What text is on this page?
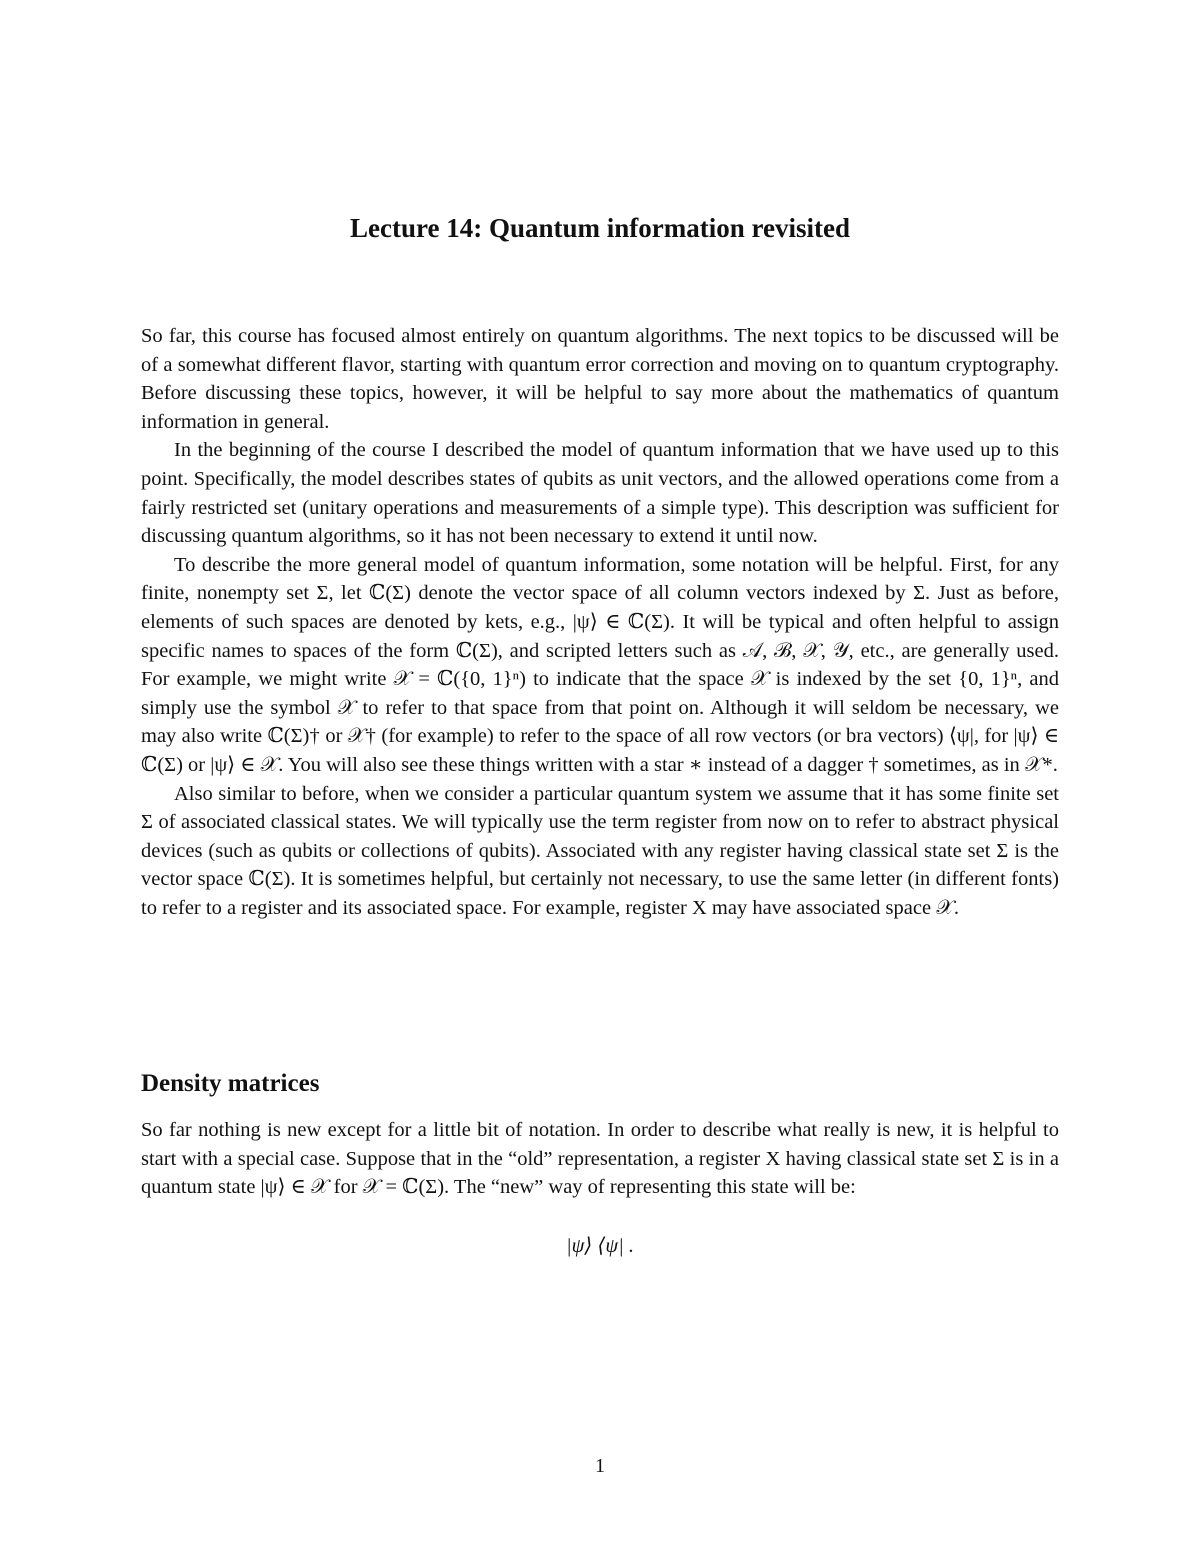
Lecture 14: Quantum information revisited

So far, this course has focused almost entirely on quantum algorithms. The next topics to be discussed will be of a somewhat different flavor, starting with quantum error correction and moving on to quantum cryptography. Before discussing these topics, however, it will be helpful to say more about the mathematics of quantum information in general.

In the beginning of the course I described the model of quantum information that we have used up to this point. Specifically, the model describes states of qubits as unit vectors, and the allowed operations come from a fairly restricted set (unitary operations and measurements of a simple type). This description was sufficient for discussing quantum algorithms, so it has not been necessary to extend it until now.

To describe the more general model of quantum information, some notation will be helpful. First, for any finite, nonempty set Σ, let ℂ(Σ) denote the vector space of all column vectors indexed by Σ. Just as before, elements of such spaces are denoted by kets, e.g., |ψ⟩ ∈ ℂ(Σ). It will be typical and often helpful to assign specific names to spaces of the form ℂ(Σ), and scripted letters such as 𝒜, ℬ, 𝒳, 𝒴, etc., are generally used. For example, we might write 𝒳 = ℂ({0, 1}ⁿ) to indicate that the space 𝒳 is indexed by the set {0, 1}ⁿ, and simply use the symbol 𝒳 to refer to that space from that point on. Although it will seldom be necessary, we may also write ℂ(Σ)† or 𝒳† (for example) to refer to the space of all row vectors (or bra vectors) ⟨ψ|, for |ψ⟩ ∈ ℂ(Σ) or |ψ⟩ ∈ 𝒳. You will also see these things written with a star ∗ instead of a dagger † sometimes, as in 𝒳*.

Also similar to before, when we consider a particular quantum system we assume that it has some finite set Σ of associated classical states. We will typically use the term register from now on to refer to abstract physical devices (such as qubits or collections of qubits). Associated with any register having classical state set Σ is the vector space ℂ(Σ). It is sometimes helpful, but certainly not necessary, to use the same letter (in different fonts) to refer to a register and its associated space. For example, register X may have associated space 𝒳.

Density matrices

So far nothing is new except for a little bit of notation. In order to describe what really is new, it is helpful to start with a special case. Suppose that in the “old” representation, a register X having classical state set Σ is in a quantum state |ψ⟩ ∈ 𝒳 for 𝒳 = ℂ(Σ). The “new” way of representing this state will be:

|ψ⟩ ⟨ψ| .
1
